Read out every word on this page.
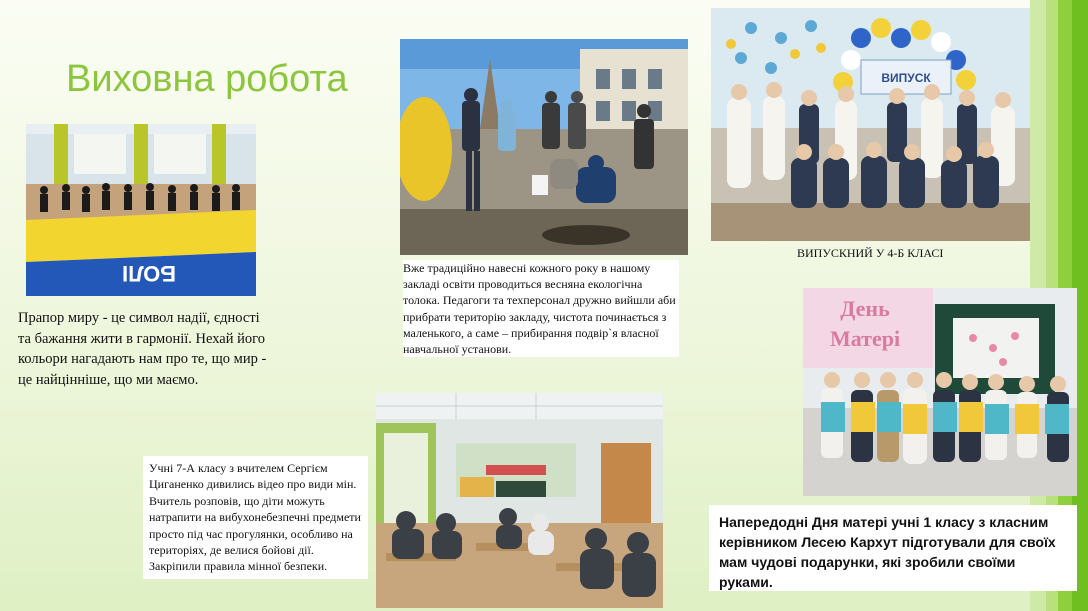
Виховна робота
БОЛІ
Прапор миру - це символ надії, єдності та бажання жити в гармонії. Нехай його кольори нагадають нам про те, що мир - це найцінніше, що ми маємо.
Вже традиційно навесні кожного року в нашому закладі освіти проводиться весняна екологічна толока. Педагоги та техперсонал дружно вийшли аби прибрати територію закладу, чистота починається з маленького, а саме – прибирання подвір`я власної навчальної установи.
ВИПУСК
ВИПУСКНИЙ У 4-Б КЛАСІ
День
Матері
Напередодні Дня матері учні 1 класу з класним керівником Лесею Кархут підготували для своїх мам чудові подарунки, які зробили своїми руками.
Учні 7-А класу з вчителем Сергієм Циганенко дивились відео про види мін. Вчитель розповів, що діти можуть натрапити на вибухонебезпечні предмети просто під час прогулянки, особливо на територіях, де велися бойові дії. Закріпили правила мінної безпеки.
